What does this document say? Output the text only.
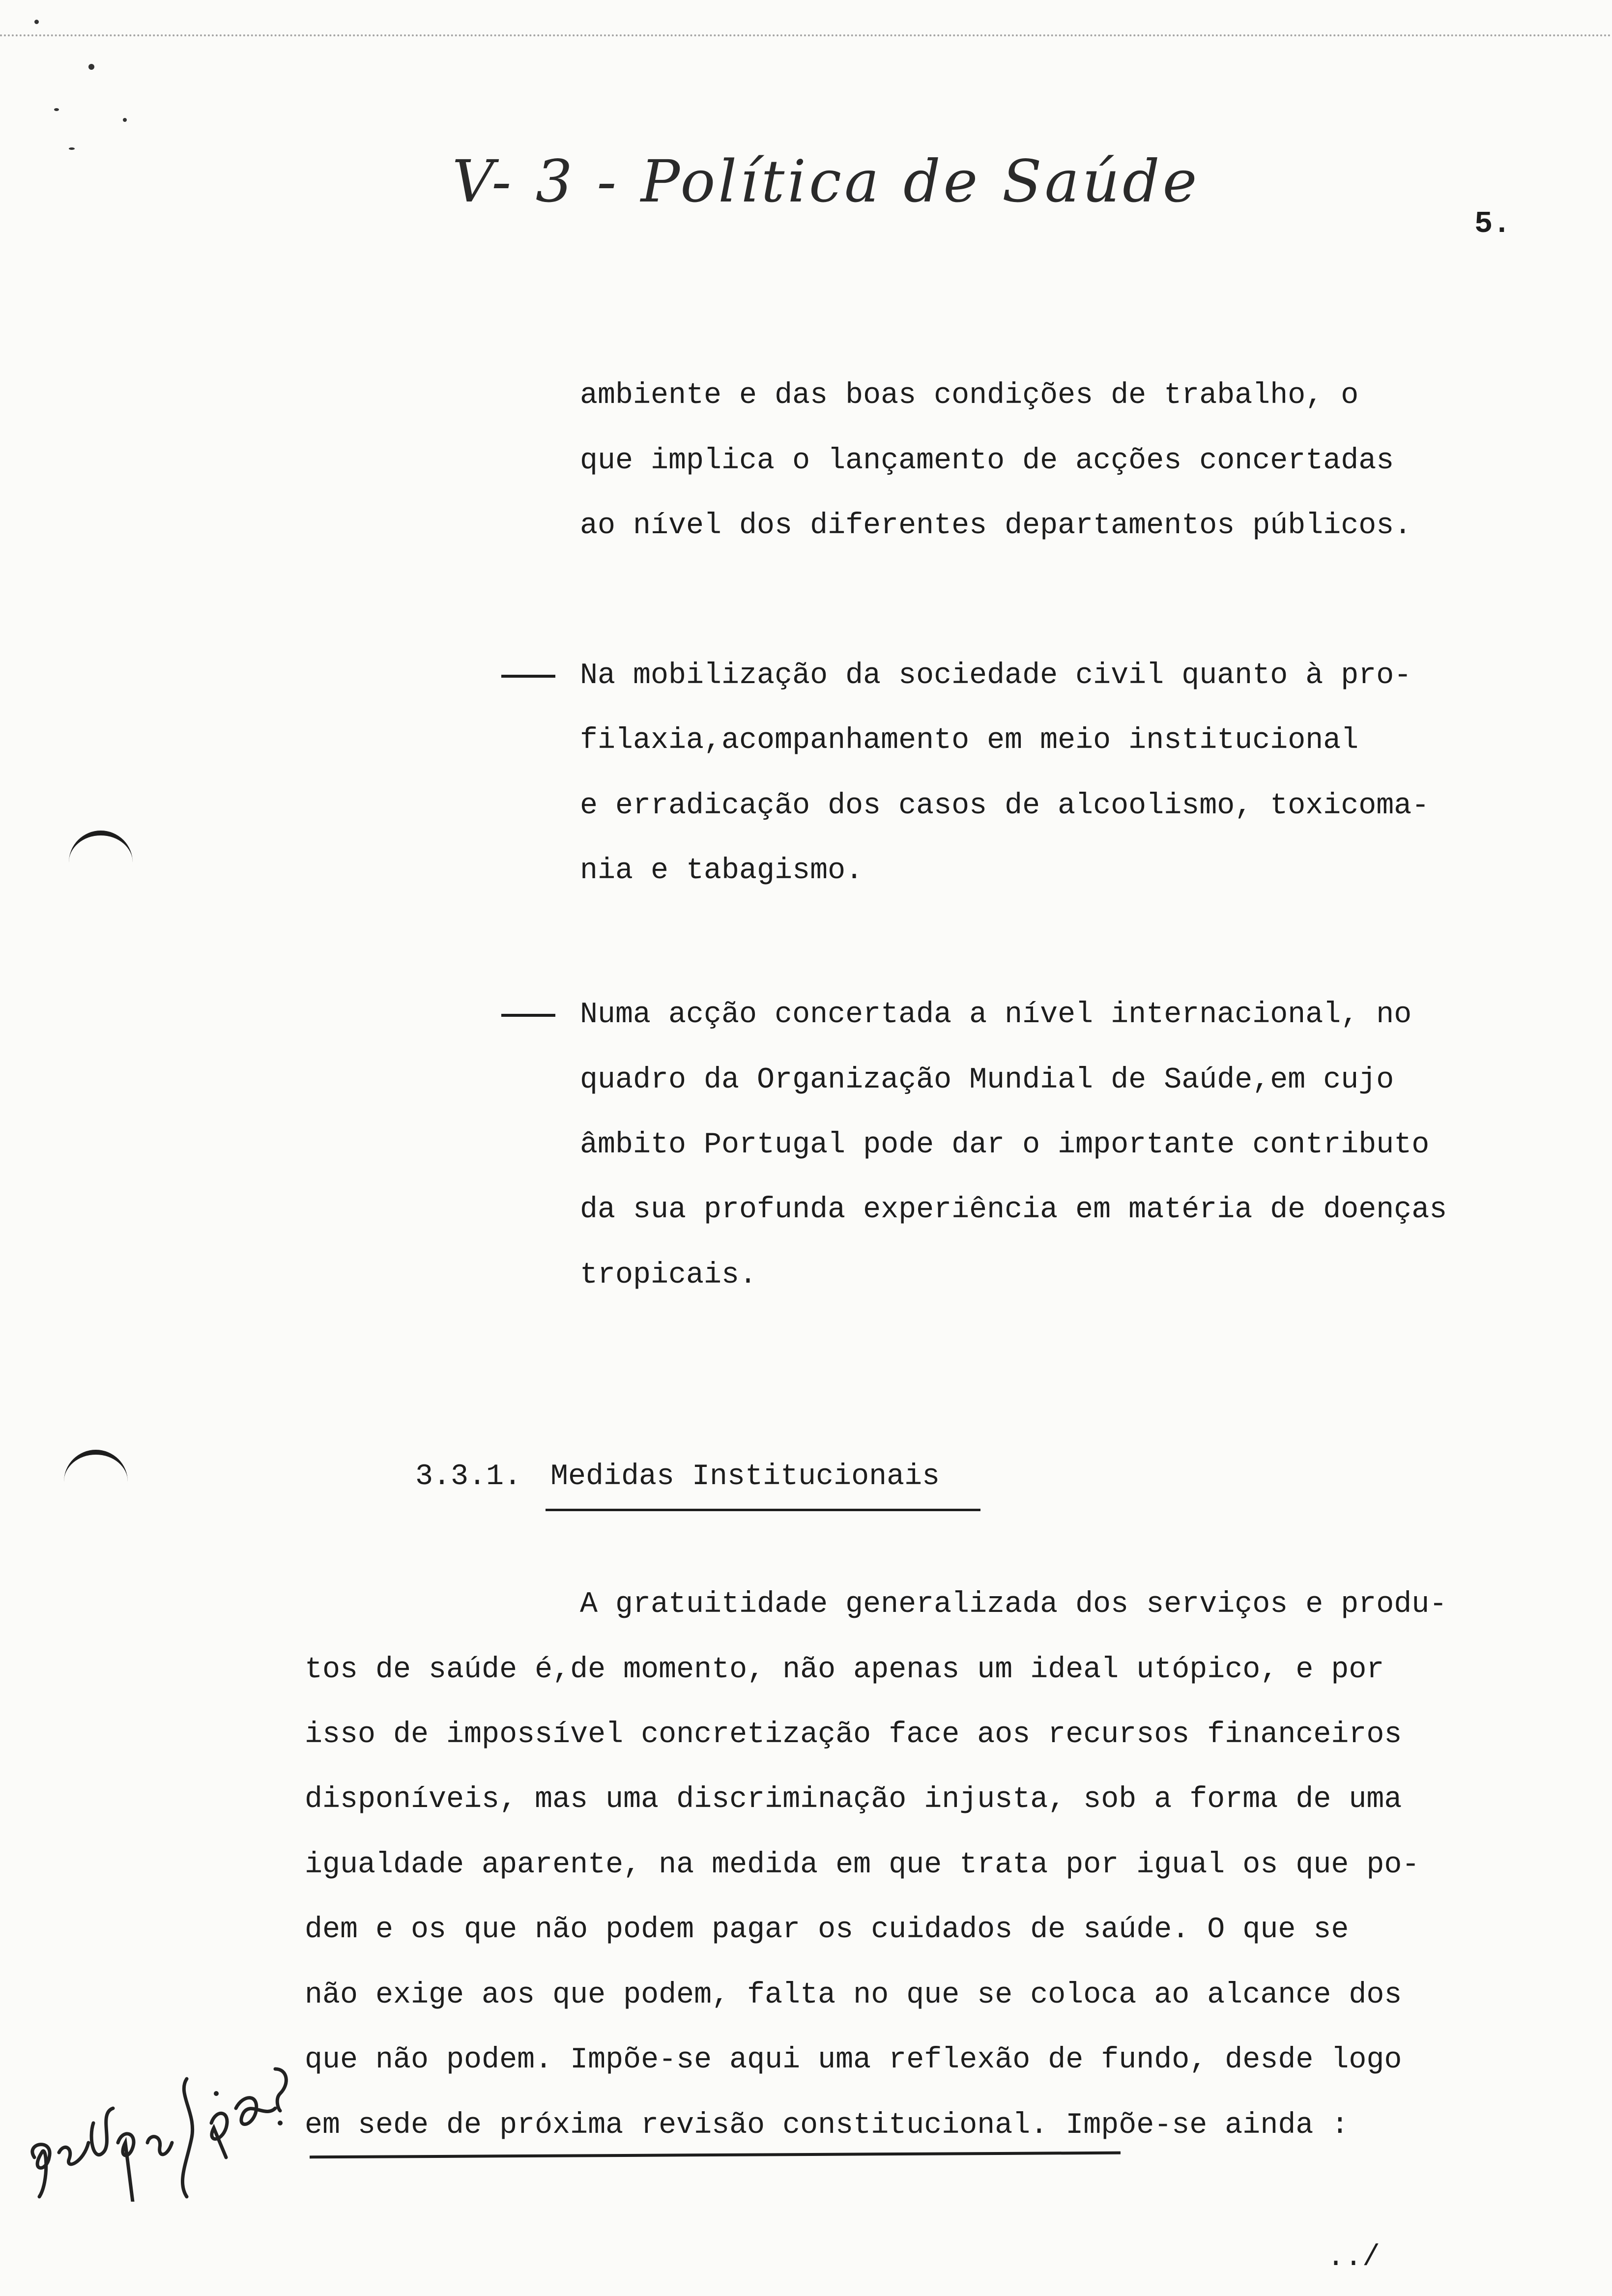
V- 3 - Política de Saúde
5.
ambiente e das boas condições de trabalho, o
que implica o lançamento de acções concertadas
ao nível dos diferentes departamentos públicos.
Na mobilização da sociedade civil quanto à pro-
filaxia,acompanhamento em meio institucional
e erradicação dos casos de alcoolismo, toxicoma-
nia e tabagismo.
Numa acção concertada a nível internacional, no
quadro da Organização Mundial de Saúde,em cujo
âmbito Portugal pode dar o importante contributo
da sua profunda experiência em matéria de doenças
tropicais.
3.3.1. Medidas Institucionais
A gratuitidade generalizada dos serviços e produ-
tos de saúde é,de momento, não apenas um ideal utópico, e por
isso de impossível concretização face aos recursos financeiros
disponíveis, mas uma discriminação injusta, sob a forma de uma
igualdade aparente, na medida em que trata por igual os que po-
dem e os que não podem pagar os cuidados de saúde. O que se
não exige aos que podem, falta no que se coloca ao alcance dos
que não podem. Impõe-se aqui uma reflexão de fundo, desde logo
em sede de próxima revisão constitucional. Impõe-se ainda :
../
